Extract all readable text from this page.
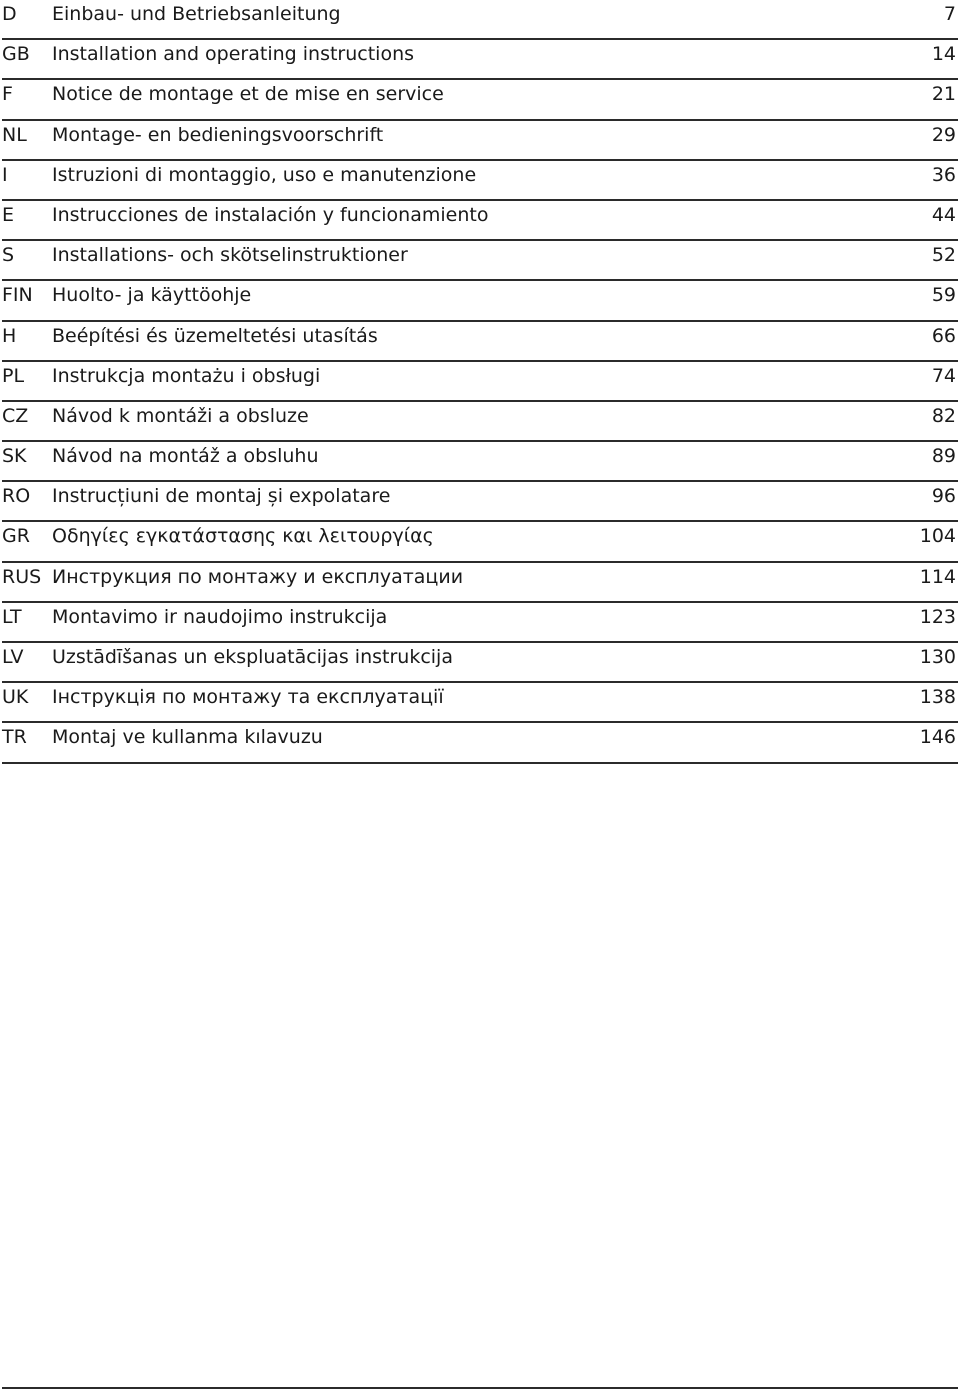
D Einbau- und Betriebsanleitung	7
GB Installation and operating instructions	14
F Notice de montage et de mise en service	21
NL Montage- en bedieningsvoorschrift	29
I Istruzioni di montaggio, uso e manutenzione	36
E Instrucciones de instalación y funcionamiento	44
S Installations- och skötselinstruktioner	52
FIN Huolto- ja käyttöohje	59
H Beépítési és üzemeltetési utasítás	66
PL Instrukcja montażu i obsługi	74
CZ Návod k montáži a obsluze	82
SK Návod na montáž a obsluhu	89
RO Instrucțiuni de montaj și expolatare	96
GR Οδηγίες εγκατάστασης και λειτουργίας	104
RUS Инструкция по монтажу и експлуатации	114
LT Montavimo ir naudojimo instrukcija	123
LV Uzstādīšanas un ekspluatācijas instrukcija	130
UK Інструкція по монтажу та експлуатації	138
TR Montaj ve kullanma kılavuzu	146
